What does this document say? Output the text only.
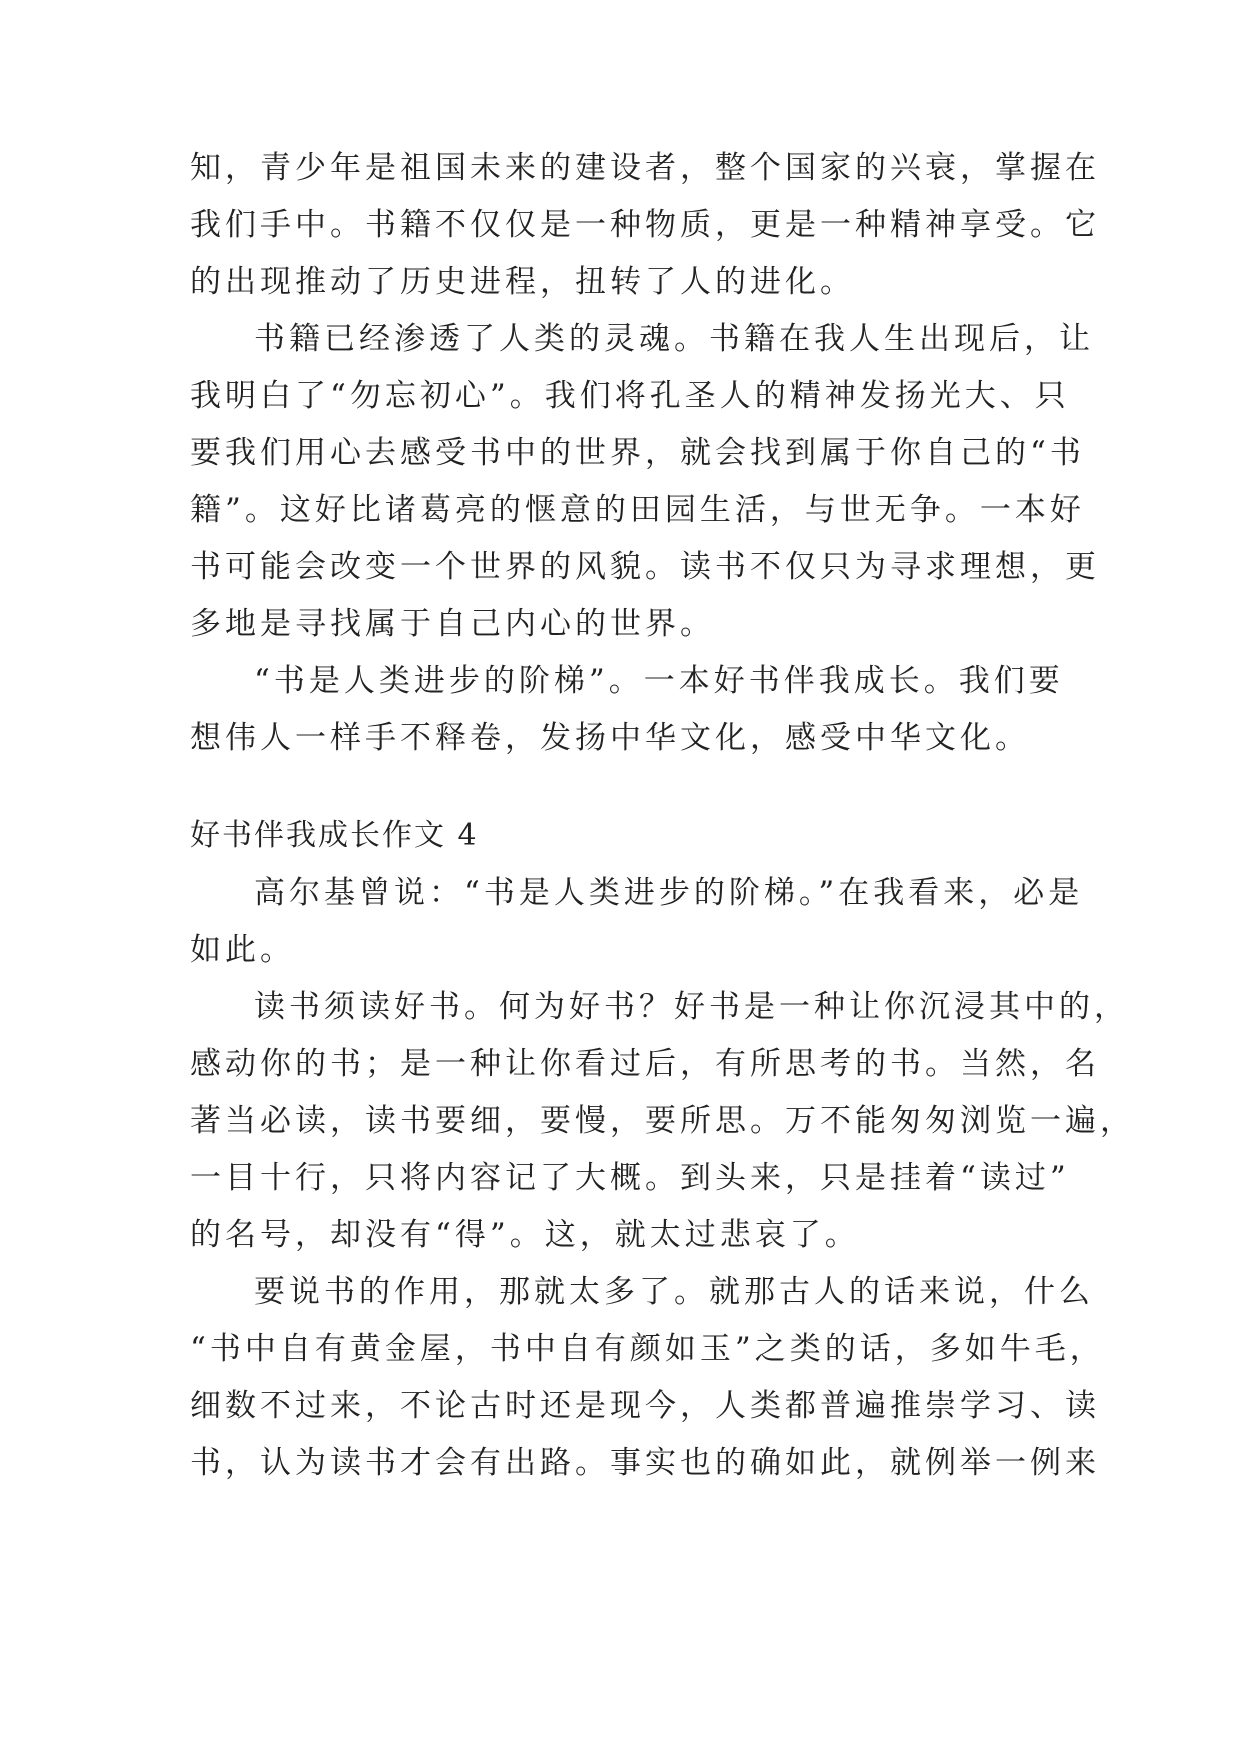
知，青少年是祖国未来的建设者，整个国家的兴衰，掌握在
我们手中。书籍不仅仅是一种物质，更是一种精神享受。它
的出现推动了历史进程，扭转了人的进化。
书籍已经渗透了人类的灵魂。书籍在我人生出现后，让
我明白了“勿忘初心”。我们将孔圣人的精神发扬光大、只
要我们用心去感受书中的世界，就会找到属于你自己的“书
籍”。这好比诸葛亮的惬意的田园生活，与世无争。一本好
书可能会改变一个世界的风貌。读书不仅只为寻求理想，更
多地是寻找属于自己内心的世界。
“书是人类进步的阶梯”。一本好书伴我成长。我们要
想伟人一样手不释卷，发扬中华文化，感受中华文化。
好书伴我成长作文 4
高尔基曾说：“书是人类进步的阶梯。”在我看来，必是
如此。
读书须读好书。何为好书？好书是一种让你沉浸其中的，
感动你的书；是一种让你看过后，有所思考的书。当然，名
著当必读，读书要细，要慢，要所思。万不能匆匆浏览一遍，
一目十行，只将内容记了大概。到头来，只是挂着“读过”
的名号，却没有“得”。这，就太过悲哀了。
要说书的作用，那就太多了。就那古人的话来说，什么
“书中自有黄金屋，书中自有颜如玉”之类的话，多如牛毛，
细数不过来，不论古时还是现今，人类都普遍推崇学习、读
书，认为读书才会有出路。事实也的确如此，就例举一例来
